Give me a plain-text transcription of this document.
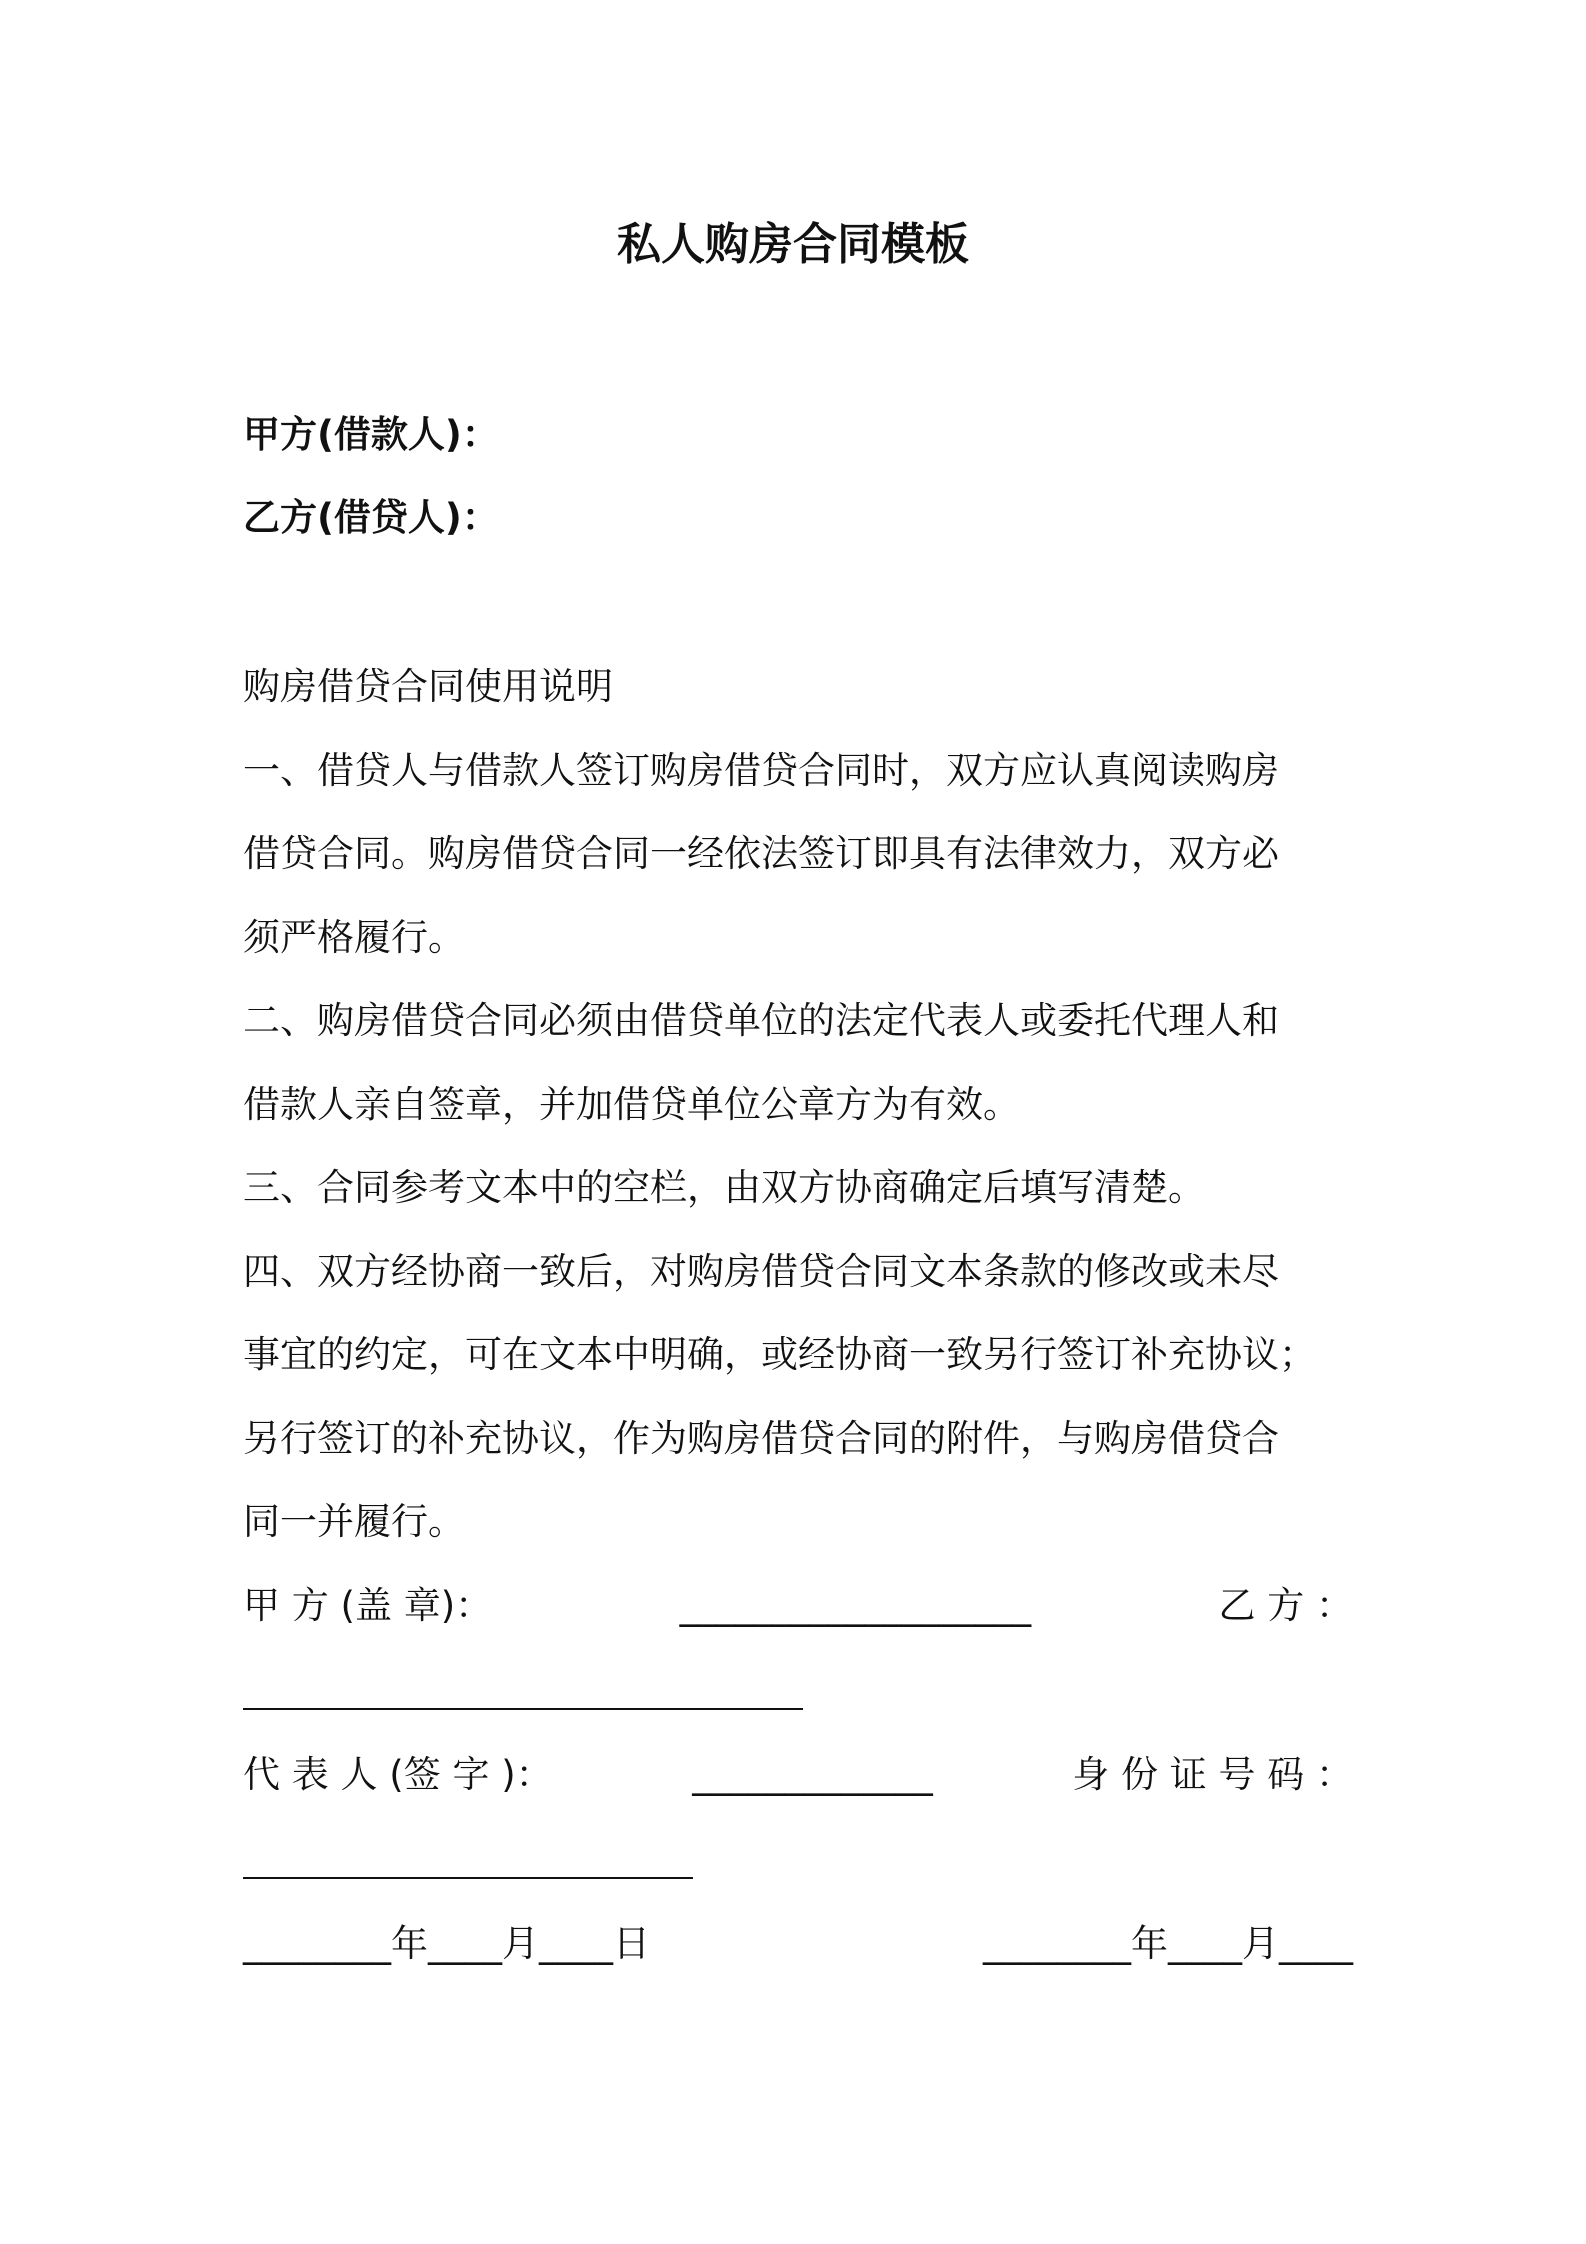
私人购房合同模板
甲方(借款人)：
乙方(借贷人)：
购房借贷合同使用说明
一、借贷人与借款人签订购房借贷合同时，双方应认真阅读购房
借贷合同。购房借贷合同一经依法签订即具有法律效力，双方必
须严格履行。
二、购房借贷合同必须由借贷单位的法定代表人或委托代理人和
借款人亲自签章，并加借贷单位公章方为有效。
三、合同参考文本中的空栏，由双方协商确定后填写清楚。
四、双方经协商一致后，对购房借贷合同文本条款的修改或未尽
事宜的约定，可在文本中明确，或经协商一致另行签订补充协议；
另行签订的补充协议，作为购房借贷合同的附件，与购房借贷合
同一并履行。
甲 方 (盖 章)：	___________________	乙 方 ：
代 表 人 (签 字 )：	_____________	身 份 证 号 码 ：
________年____月____日	________年____月____
